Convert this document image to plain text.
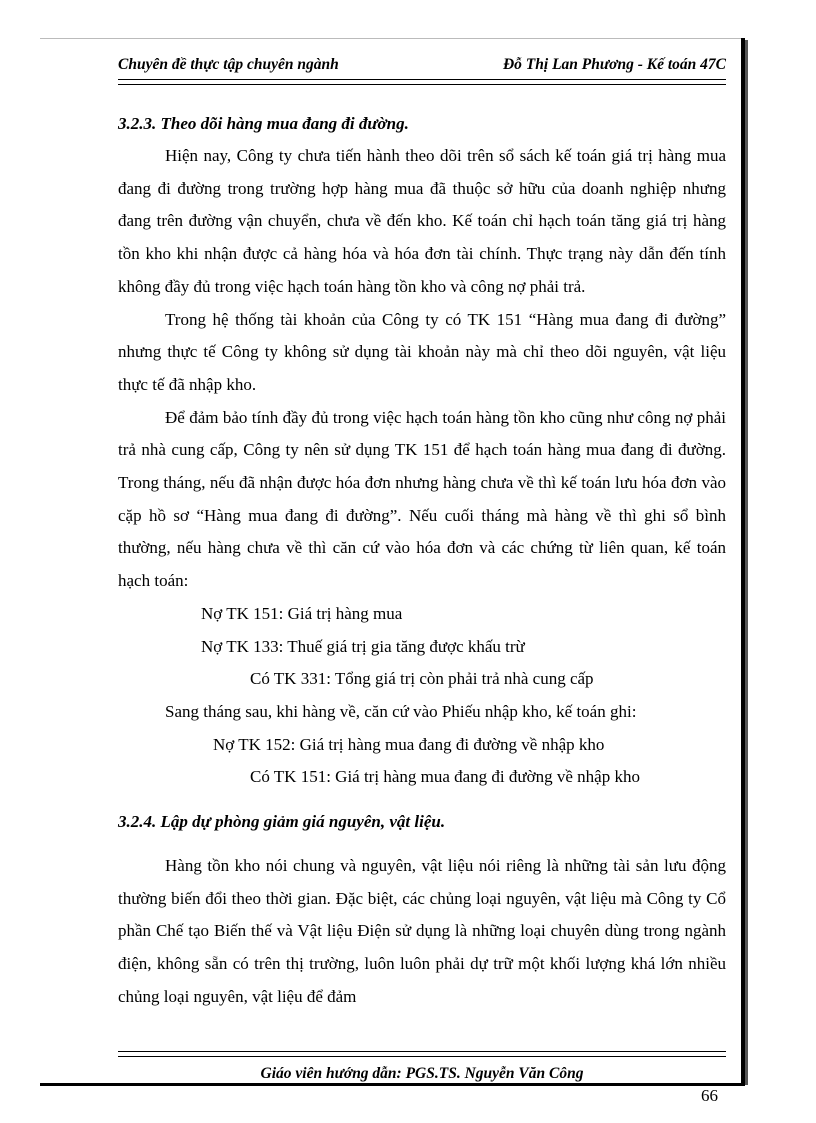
Chuyên đề thực tập chuyên ngành	Đỗ Thị Lan Phương - Kế toán 47C

3.2.3. Theo dõi hàng mua đang đi đường.

Hiện nay, Công ty chưa tiến hành theo dõi trên sổ sách kế toán giá trị hàng mua đang đi đường trong trường hợp hàng mua đã thuộc sở hữu của doanh nghiệp nhưng đang trên đường vận chuyển, chưa về đến kho. Kế toán chỉ hạch toán tăng giá trị hàng tồn kho khi nhận được cả hàng hóa và hóa đơn tài chính. Thực trạng này dẫn đến tính không đầy đủ trong việc hạch toán hàng tồn kho và công nợ phải trả.

Trong hệ thống tài khoản của Công ty có TK 151 “Hàng mua đang đi đường” nhưng thực tế Công ty không sử dụng tài khoản này mà chỉ theo dõi nguyên, vật liệu thực tế đã nhập kho.

Để đảm bảo tính đầy đủ trong việc hạch toán hàng tồn kho cũng như công nợ phải trả nhà cung cấp, Công ty nên sử dụng TK 151 để hạch toán hàng mua đang đi đường. Trong tháng, nếu đã nhận được hóa đơn nhưng hàng chưa về thì kế toán lưu hóa đơn vào cặp hồ sơ “Hàng mua đang đi đường”. Nếu cuối tháng mà hàng về thì ghi sổ bình thường, nếu hàng chưa về thì căn cứ vào hóa đơn và các chứng từ liên quan, kế toán hạch toán:

Nợ TK 151: Giá trị hàng mua

Nợ TK 133: Thuế giá trị gia tăng được khấu trừ

Có TK 331: Tổng giá trị còn phải trả nhà cung cấp

Sang tháng sau, khi hàng về, căn cứ vào Phiếu nhập kho, kế toán ghi:

Nợ TK 152: Giá trị hàng mua đang đi đường về nhập kho

Có TK 151: Giá trị hàng mua đang đi đường về nhập kho

3.2.4. Lập dự phòng giảm giá nguyên, vật liệu.

Hàng tồn kho nói chung và nguyên, vật liệu nói riêng là những tài sản lưu động thường biến đổi theo thời gian. Đặc biệt, các chủng loại nguyên, vật liệu mà Công ty Cổ phần Chế tạo Biến thế và Vật liệu Điện sử dụng là những loại chuyên dùng trong ngành điện, không sẵn có trên thị trường, luôn luôn phải dự trữ một khối lượng khá lớn nhiều chủng loại nguyên, vật liệu để đảm

Giáo viên hướng dẫn: PGS.TS. Nguyễn Văn Công
66
